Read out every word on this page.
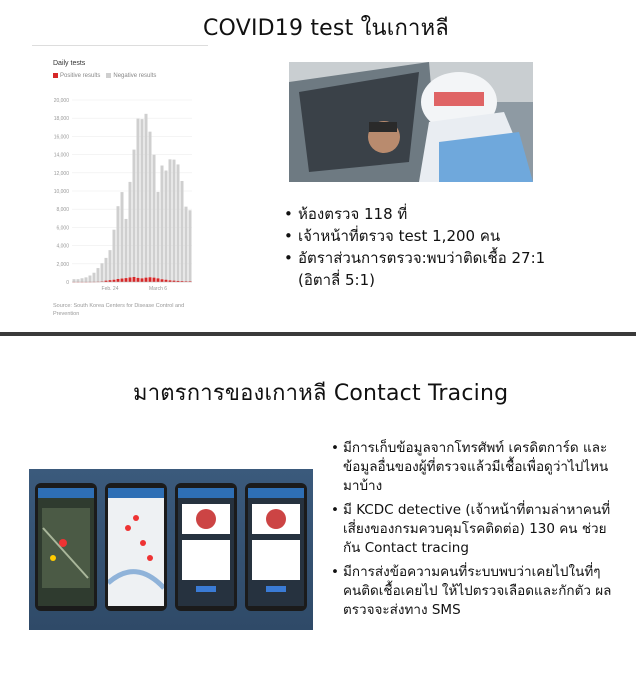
COVID19 test ในเกาหลี
Daily tests
Positive results	Negative results
0
2,000
4,000
6,000
8,000
10,000
12,000
14,000
16,000
18,000
20,000
Feb. 24	March 6
Source: South Korea Centers for Disease Control and Prevention
• ห้องตรวจ 118 ที่
• เจ้าหน้าที่ตรวจ test 1,200 คน
• อัตราส่วนการตรวจ:พบว่าติดเชื้อ 27:1 (อิตาลี่ 5:1)
มาตรการของเกาหลี Contact Tracing
• มีการเก็บข้อมูลจากโทรศัพท์ เครดิตการ์ด และข้อมูลอื่นของผู้ที่ตรวจแล้วมีเชื้อเพื่อดูว่าไปไหนมาบ้าง
• มี KCDC detective (เจ้าหน้าที่ตามล่าหาคนที่เสี่ยงของกรมควบคุมโรคติดต่อ) 130 คน ช่วยกัน Contact tracing
• มีการส่งข้อความคนที่ระบบพบว่าเคยไปในที่ๆคนติดเชื้อเคยไป ให้ไปตรวจเลือดและกักตัว ผลตรวจจะส่งทาง SMS
